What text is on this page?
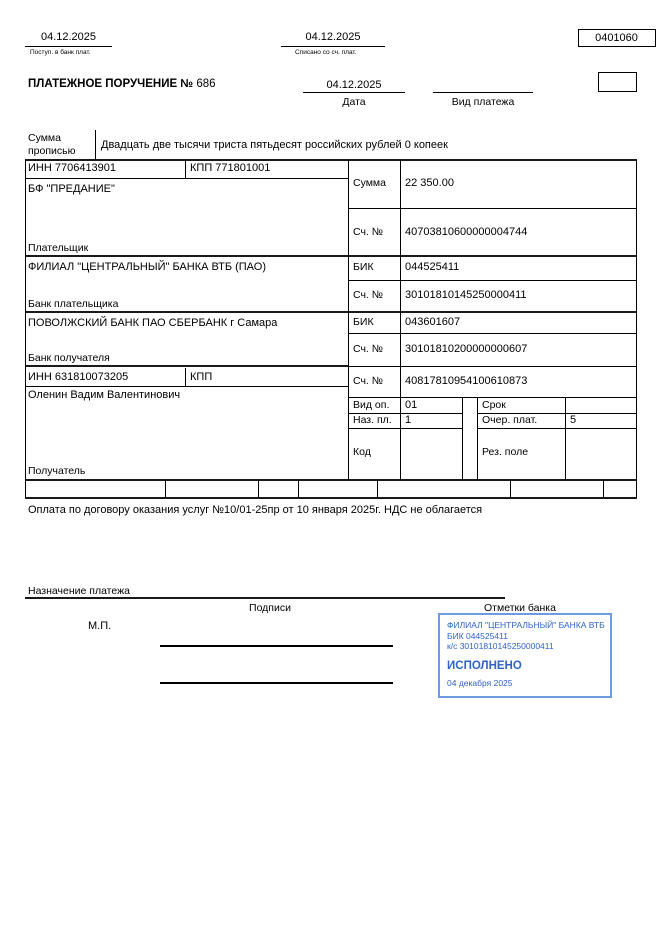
04.12.2025
Поступ. в банк плат.
04.12.2025
Списано со сч. плат.
0401060
ПЛАТЕЖНОЕ ПОРУЧЕНИЕ № 686	04.12.2025
Дата	Вид платежа
Сумма прописью	Двадцать две тысячи триста пятьдесят российских рублей 0 копеек
ИНН 7706413901	КПП 771801001
БФ "ПРЕДАНИЕ"
Плательщик
Сумма 22 350.00
Сч. № 40703810600000004744
ФИЛИАЛ "ЦЕНТРАЛЬНЫЙ" БАНКА ВТБ (ПАО)
Банк плательщика
БИК	044525411
Сч. № 30101810145250000411
ПОВОЛЖСКИЙ БАНК ПАО СБЕРБАНК г Самара
Банк получателя
БИК	043601607
Сч. № 30101810200000000607
ИНН 631810073205	КПП
Оленин Вадим Валентинович
Получатель
Сч. № 40817810954100610873
Вид оп. 01	Срок
Наз. пл. 1	Очер. плат.	5
Код	Рез. поле
Оплата по договору оказания услуг №10/01-25пр от 10 января 2025г. НДС не облагается
Назначение платежа
Подписи	Отметки банка
М.П.	ФИЛИАЛ "ЦЕНТРАЛЬНЫЙ" БАНКА ВТБ
БИК 044525411
к/с 30101810145250000411
ИСПОЛНЕНО
04 декабря 2025
